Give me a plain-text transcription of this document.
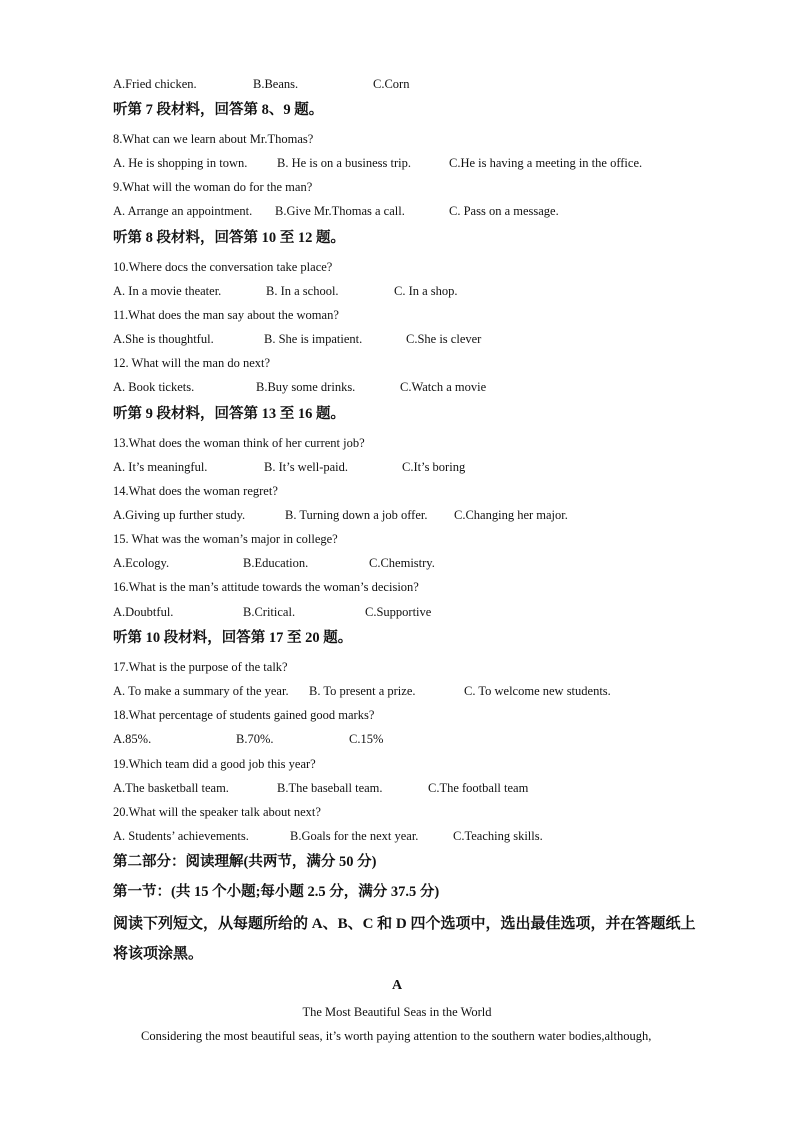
A.Fried chicken.	B.Beans.	C.Corn
听第 7 段材料，回答第 8、9 题。
8.What can we learn about Mr.Thomas?
A. He is shopping in town. B. He is on a business trip.	C.He is having a meeting in the office.
9.What will the woman do for the man?
A. Arrange an appointment. B.Give Mr.Thomas a call.	C. Pass on a message.
听第 8 段材料，回答第 10 至 12 题。
10.Where docs the conversation take place?
A. In a movie theater.	B. In a school.	C. In a shop.
11.What does the man say about the woman?
A.She is thoughtful.	B. She is impatient.	C.She is clever
12. What will the man do next?
A. Book tickets.	B.Buy some drinks.	C.Watch a movie
听第 9 段材料，回答第 13 至 16 题。
13.What does the woman think of her current job?
A. It’s meaningful.	B. It’s well-paid.	C.It’s boring
14.What does the woman regret?
A.Giving up further study.	B. Turning down a job offer. C.Changing her major.
15. What was the woman’s major in college?
A.Ecology.	B.Education.	C.Chemistry.
16.What is the man’s attitude towards the woman’s decision?
A.Doubtful.	B.Critical.	C.Supportive
听第 10 段材料，回答第 17 至 20 题。
17.What is the purpose of the talk?
A. To make a summary of the year. B. To present a prize.	C. To welcome new students.
18.What percentage of students gained good marks?
A.85%.	B.70%.	C.15%
19.Which team did a good job this year?
A.The basketball team.	B.The baseball team.	C.The football team
20.What will the speaker talk about next?
A. Students’ achievements.	B.Goals for the next year.	C.Teaching skills.
第二部分：阅读理解(共两节，满分 50 分)
第一节：(共 15 个小题;每小题 2.5 分，满分 37.5 分)
阅读下列短文，从每题所给的 A、B、C 和 D 四个选项中，选出最佳选项，并在答题纸上
将该项涂黑。
A
The Most Beautiful Seas in the World
Considering the most beautiful seas, it’s worth paying attention to the southern water bodies,although,
